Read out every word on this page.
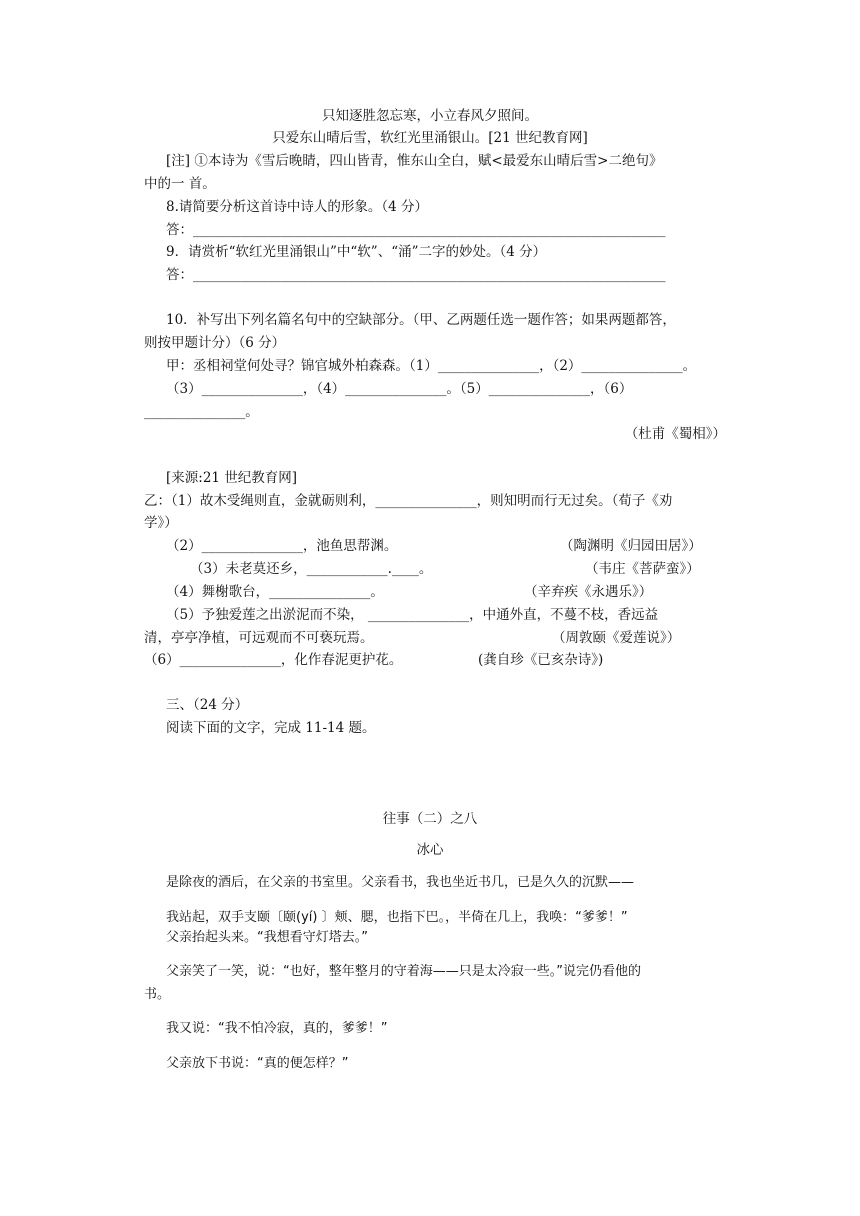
只知逐胜忽忘寒，小立春风夕照间。
只爱东山晴后雪，软红光里涌银山。[21 世纪教育网]
[注] ①本诗为《雪后晚睛，四山皆青，惟东山全白，赋<最爱东山晴后雪>二绝句》
中的一 首。
8.请简要分析这首诗中诗人的形象。（4 分）
答：______________________________________________________________________
9．请赏析“软红光里涌银山”中“软”、“涌”二字的妙处。（4 分）
答：______________________________________________________________________
10．补写出下列名篇名句中的空缺部分。（甲、乙两题任选一题作答；如果两题都答，
则按甲题计分）（6 分）
甲：丞相祠堂何处寻？锦官城外柏森森。（1）_______________，（2）_______________。
（3）_______________，（4）_______________。（5）_______________，（6）
_______________。
（杜甫《蜀相》）
[来源:21 世纪教育网]
乙：（1）故木受绳则直，金就砺则利，_______________，则知明而行无过矣。（荀子《劝
学》）
（2）_______________，池鱼思帮渊。	（陶渊明《归园田居》）
（3）未老莫还乡，____________.____。	（韦庄《菩萨蛮》）
（4）舞榭歌台，_______________。	（辛弃疾《永遇乐》）
（5）予独爱莲之出淤泥而不染， _______________，中通外直，不蔓不枝，香远益
清，亭亭净植，可远观而不可亵玩焉。	（周敦颐《爱莲说》）
（6）_______________，化作春泥更护花。	(龚自珍《已亥杂诗》)
三、（24 分）
阅读下面的文字，完成 11-14 题。
往事（二）之八
冰心
是除夜的酒后，在父亲的书室里。父亲看书，我也坐近书几，已是久久的沉默——
我站起，双手支颐〔颐(yí) 〕颊、腮，也指下巴。，半倚在几上，我唤：“爹爹！”
父亲抬起头来。“我想看守灯塔去。”
父亲笑了一笑，说：“也好，整年整月的守着海——只是太冷寂一些。”说完仍看他的
书。
我又说：“我不怕冷寂，真的，爹爹！”
父亲放下书说：“真的便怎样？”
